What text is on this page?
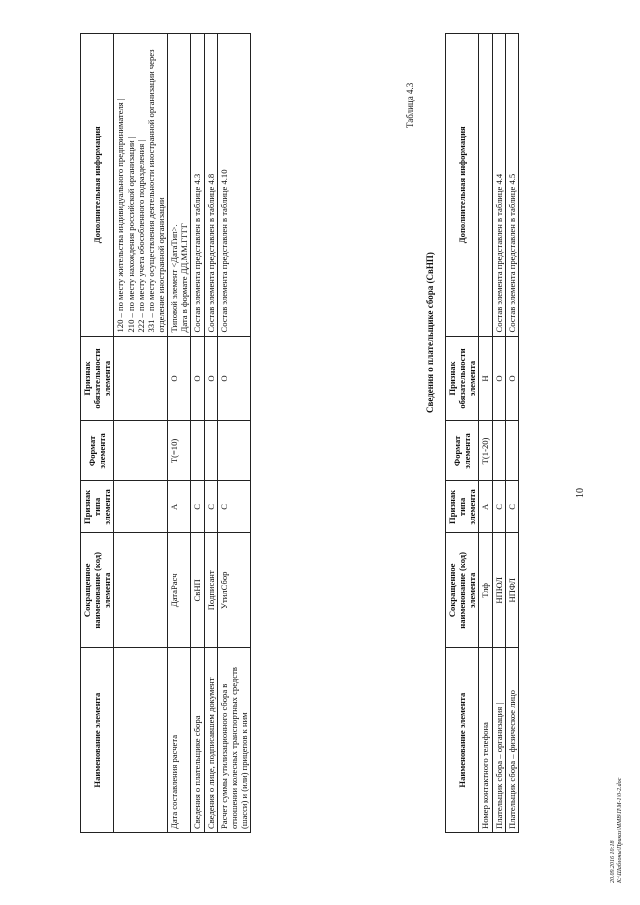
10
Наименование элемента	Сокращенное наименование (код) элемента	Признак типа элемента	Формат элемента	Признак обязательности элемента	Дополнительная информация

					120 – по месту жительства индивидуального предпринимателя | 210 – по месту нахождения российской организации | 222 – по месту учета обособленного подразделения | 331 – по месту осуществления деятельности иностранной организации через отделение иностранной организации

Дата составления расчета	ДатаРасч	А	T(=10)	О	Типовой элемент <ДатаТип>. Дата в формате ДД.ММ.ГГГГ

Сведения о плательщике сбора	СвНП	С		О	Состав элемента представлен в таблице 4.3

Сведения о лице, подписавшем документ	Подписант	С		О	Состав элемента представлен в таблице 4.8

Расчет суммы утилизационного сбора в отношении колесных транспортных средств (шасси) и (или) прицепов к ним	УтилСбор	С		О	Состав элемента представлен в таблице 4.10
Таблица 4.3
Сведения о плательщике сбора (СвНП)
Наименование элемента	Сокращенное наименование (код) элемента	Признак типа элемента	Формат элемента	Признак обязательности элемента	Дополнительная информация
Номер контактного телефона	Тлф	А	T(1-20)	Н	
Плательщик сбора – организация |	НПЮЛ	С		О	Состав элемента представлен в таблице 4.4
Плательщик сбора – физическое лицо	НПФЛ	С		О	Состав элемента представлен в таблице 4.5
20.09.2016 10:18 К:\Шаблоны\Приказ\ММВ\П\М-1\0-2.doc
